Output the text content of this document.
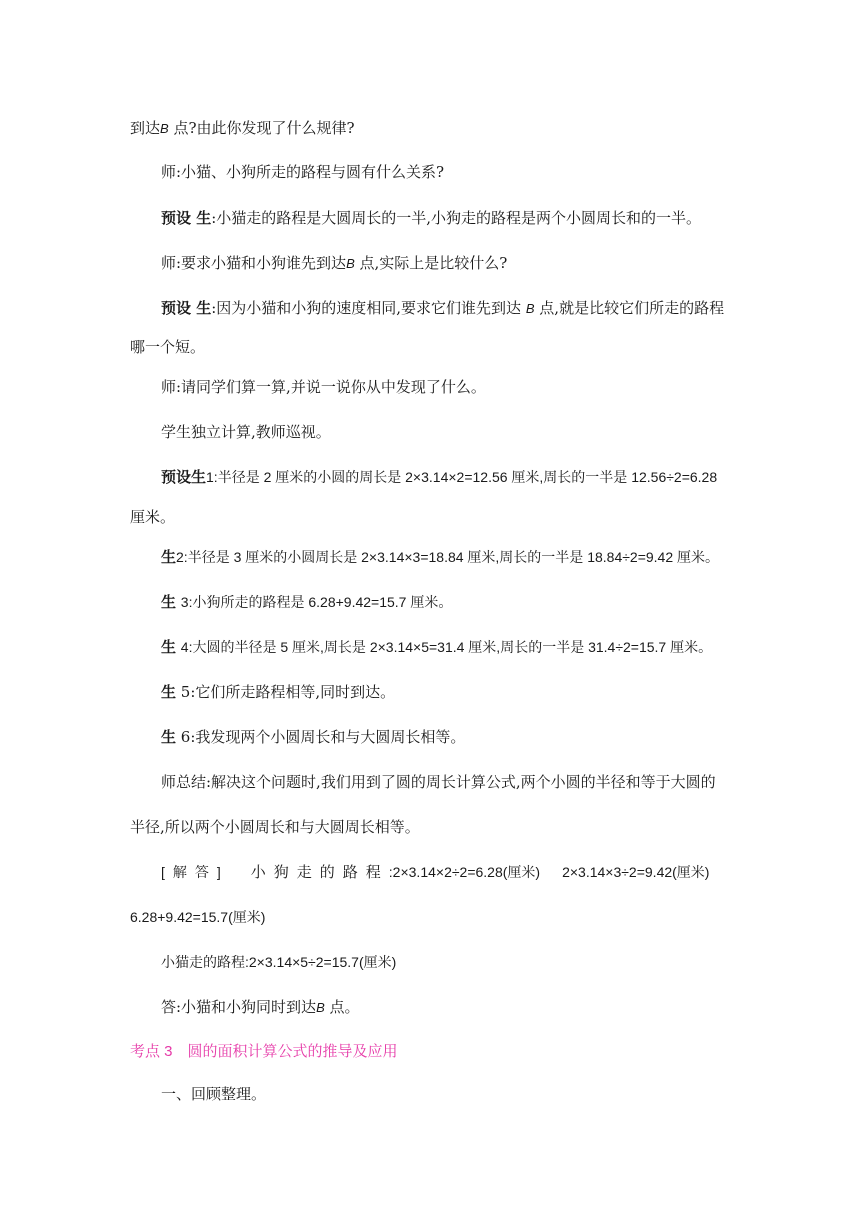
到达B 点?由此你发现了什么规律?
师:小猫、小狗所走的路程与圆有什么关系?
预设 生:小猫走的路程是大圆周长的一半,小狗走的路程是两个小圆周长和的一半。
师:要求小猫和小狗谁先到达B 点,实际上是比较什么?
预设 生:因为小猫和小狗的速度相同,要求它们谁先到达 B 点,就是比较它们所走的路程
哪一个短。
师:请同学们算一算,并说一说你从中发现了什么。
学生独立计算,教师巡视。
预设生1:半径是 2 厘米的小圆的周长是 2×3.14×2=12.56 厘米,周长的一半是 12.56÷2=6.28
厘米。
生2:半径是 3 厘米的小圆周长是 2×3.14×3=18.84 厘米,周长的一半是 18.84÷2=9.42 厘米。
生 3:小狗所走的路程是 6.28+9.42=15.7 厘米。
生 4:大圆的半径是 5 厘米,周长是 2×3.14×5=31.4 厘米,周长的一半是 31.4÷2=15.7 厘米。
生 5:它们所走路程相等,同时到达。
生 6:我发现两个小圆周长和与大圆周长相等。
师总结:解决这个问题时,我们用到了圆的周长计算公式,两个小圆的半径和等于大圆的
半径,所以两个小圆周长和与大圆周长相等。
[解答] 小狗走的路程:2×3.14×2÷2=6.28(厘米) 2×3.14×3÷2=9.42(厘米)
6.28+9.42=15.7(厘米)
小猫走的路程:2×3.14×5÷2=15.7(厘米)
答:小猫和小狗同时到达B 点。
考点 3　圆的面积计算公式的推导及应用
一、回顾整理。
